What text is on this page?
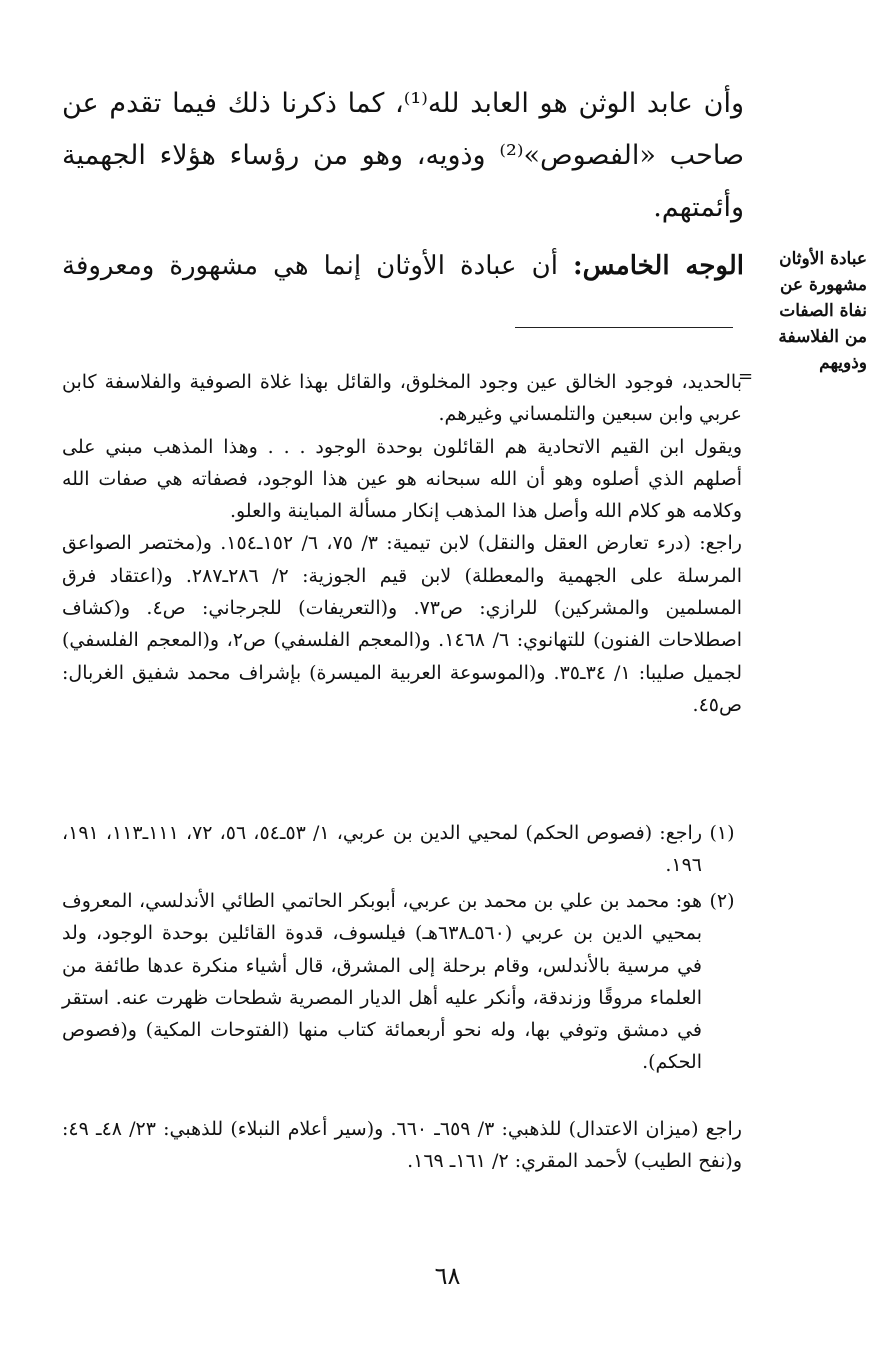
وأن عابد الوثن هو العابد لله⁽¹⁾، كما ذكرنا ذلك فيما تقدم عن صاحب «الفصوص»⁽²⁾ وذويه، وهو من رؤساء هؤلاء الجهمية وأئمتهم.

عبادة الأوثان
مشهورة عن
نفاة الصفات
من الفلاسفة
وذويهم
الوجه الخامس: أن عبادة الأوثان إنما هي مشهورة ومعروفة
=

بالحديد، فوجود الخالق عين وجود المخلوق، والقائل بهذا غلاة الصوفية والفلاسفة كابن عربي وابن سبعين والتلمساني وغيرهم.

ويقول ابن القيم الاتحادية هم القائلون بوحدة الوجود . . . وهذا المذهب مبني على أصلهم الذي أصلوه وهو أن الله سبحانه هو عين هذا الوجود، فصفاته هي صفات الله وكلامه هو كلام الله وأصل هذا المذهب إنكار مسألة المباينة والعلو.

راجع: (درء تعارض العقل والنقل) لابن تيمية: ٣/ ٧٥، ٦/ ١٥٢ـ١٥٤. و(مختصر الصواعق المرسلة على الجهمية والمعطلة) لابن قيم الجوزية: ٢/ ٢٨٦ـ٢٨٧. و(اعتقاد فرق المسلمين والمشركين) للرازي: ص٧٣. و(التعريفات) للجرجاني: ص٤. و(كشاف اصطلاحات الفنون) للتهانوي: ٦/ ١٤٦٨. و(المعجم الفلسفي) ص٢، و(المعجم الفلسفي) لجميل صليبا: ١/ ٣٤ـ٣٥. و(الموسوعة العربية الميسرة) بإشراف محمد شفيق الغربال: ص٤٥.

(١)

راجع: (فصوص الحكم) لمحيي الدين بن عربي، ١/ ٥٣ـ٥٤، ٥٦، ٧٢، ١١١ـ١١٣، ١٩١، ١٩٦.

(٢)

هو: محمد بن علي بن محمد بن عربي، أبوبكر الحاتمي الطائي الأندلسي، المعروف بمحيي الدين بن عربي (٥٦٠ـ٦٣٨هـ) فيلسوف، قدوة القائلين بوحدة الوجود، ولد في مرسية بالأندلس، وقام برحلة إلى المشرق، قال أشياء منكرة عدها طائفة من العلماء مروقًا وزندقة، وأنكر عليه أهل الديار المصرية شطحات ظهرت عنه. استقر في دمشق وتوفي بها، وله نحو أربعمائة كتاب منها (الفتوحات المكية) و(فصوص الحكم).

راجع (ميزان الاعتدال) للذهبي: ٣/ ٦٥٩ـ ٦٦٠. و(سير أعلام النبلاء) للذهبي: ٢٣/ ٤٨ـ ٤٩: و(نفح الطيب) لأحمد المقري: ٢/ ١٦١ـ ١٦٩.

٦٨
